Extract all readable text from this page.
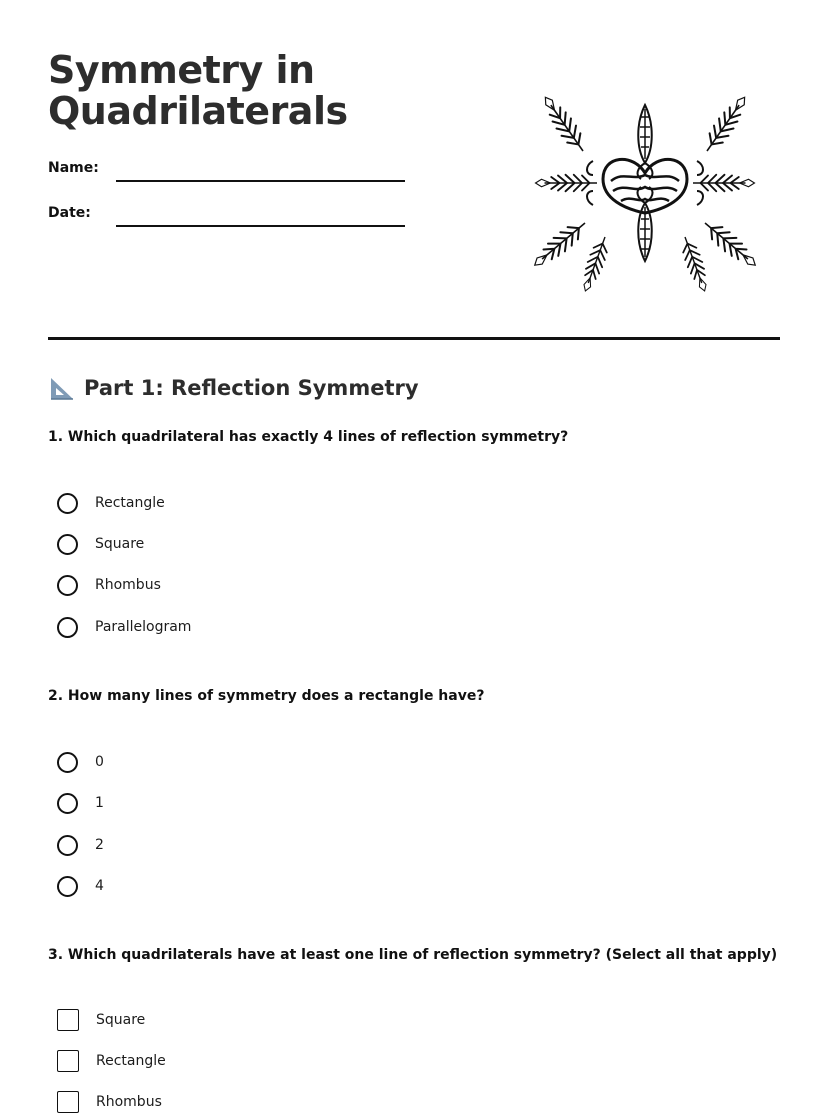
Symmetry in Quadrilaterals
Name:
Date:
Part 1: Reflection Symmetry

1. Which quadrilateral has exactly 4 lines of reflection symmetry?

Rectangle
Square
Rhombus
Parallelogram

2. How many lines of symmetry does a rectangle have?

0
1
2
4

3. Which quadrilaterals have at least one line of reflection symmetry? (Select all that apply)

Square
Rectangle
Rhombus
